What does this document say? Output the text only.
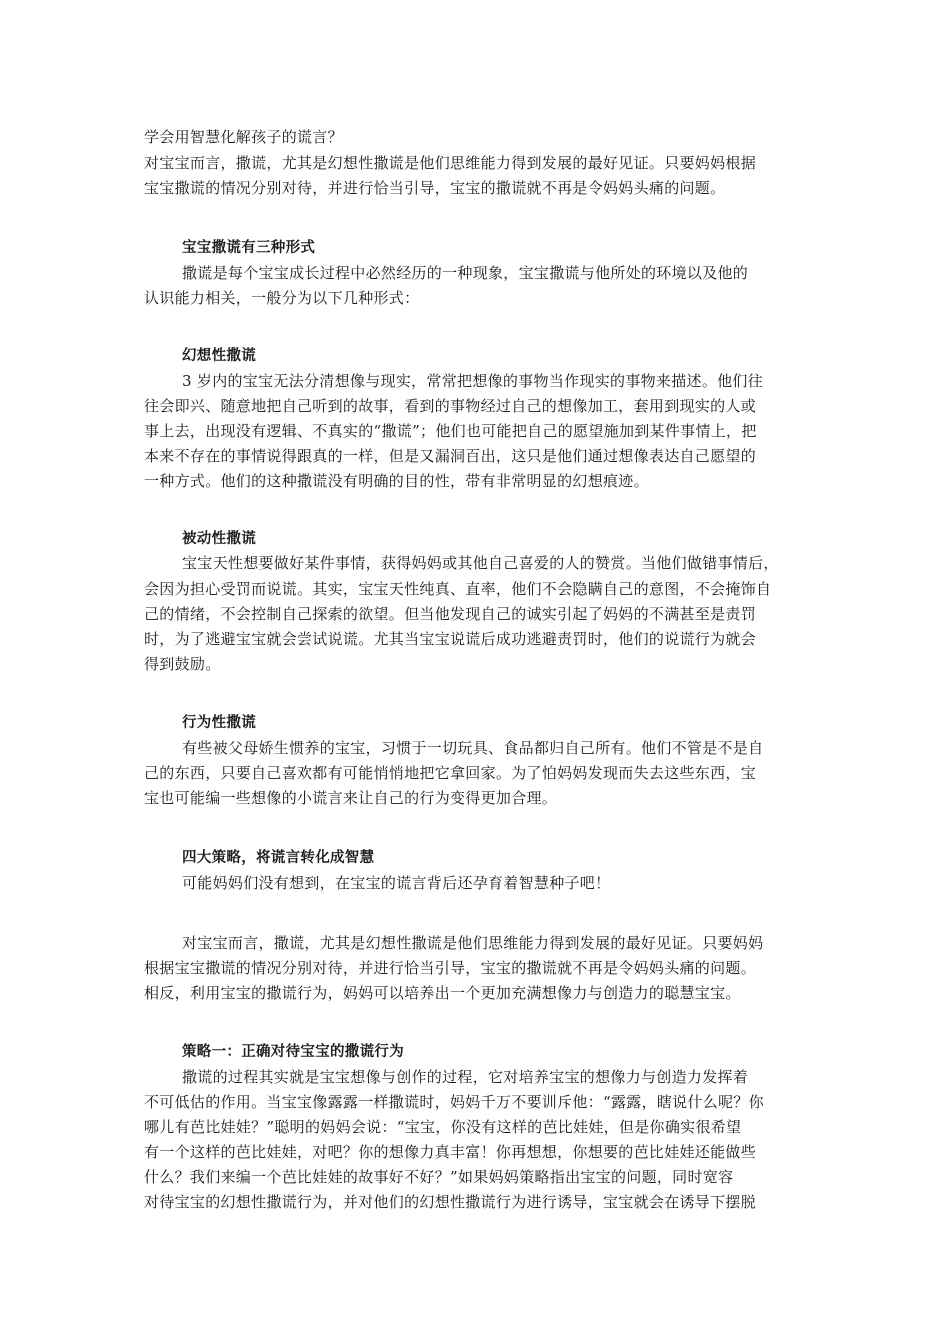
学会用智慧化解孩子的谎言？
对宝宝而言，撒谎，尤其是幻想性撒谎是他们思维能力得到发展的最好见证。只要妈妈根据
宝宝撒谎的情况分别对待，并进行恰当引导，宝宝的撒谎就不再是令妈妈头痛的问题。
宝宝撒谎有三种形式
撒谎是每个宝宝成长过程中必然经历的一种现象，宝宝撒谎与他所处的环境以及他的
认识能力相关，一般分为以下几种形式：
幻想性撒谎
3 岁内的宝宝无法分清想像与现实，常常把想像的事物当作现实的事物来描述。他们往
往会即兴、随意地把自己听到的故事，看到的事物经过自己的想像加工，套用到现实的人或
事上去，出现没有逻辑、不真实的“撒谎”；他们也可能把自己的愿望施加到某件事情上，把
本来不存在的事情说得跟真的一样，但是又漏洞百出，这只是他们通过想像表达自己愿望的
一种方式。他们的这种撒谎没有明确的目的性，带有非常明显的幻想痕迹。
被动性撒谎
宝宝天性想要做好某件事情，获得妈妈或其他自己喜爱的人的赞赏。当他们做错事情后，
会因为担心受罚而说谎。其实，宝宝天性纯真、直率，他们不会隐瞒自己的意图，不会掩饰自
己的情绪，不会控制自己探索的欲望。但当他发现自己的诚实引起了妈妈的不满甚至是责罚
时，为了逃避宝宝就会尝试说谎。尤其当宝宝说谎后成功逃避责罚时，他们的说谎行为就会
得到鼓励。
行为性撒谎
有些被父母娇生惯养的宝宝，习惯于一切玩具、食品都归自己所有。他们不管是不是自
己的东西，只要自己喜欢都有可能悄悄地把它拿回家。为了怕妈妈发现而失去这些东西，宝
宝也可能编一些想像的小谎言来让自己的行为变得更加合理。
四大策略，将谎言转化成智慧
可能妈妈们没有想到，在宝宝的谎言背后还孕育着智慧种子吧！
对宝宝而言，撒谎，尤其是幻想性撒谎是他们思维能力得到发展的最好见证。只要妈妈
根据宝宝撒谎的情况分别对待，并进行恰当引导，宝宝的撒谎就不再是令妈妈头痛的问题。
相反，利用宝宝的撒谎行为，妈妈可以培养出一个更加充满想像力与创造力的聪慧宝宝。
策略一：正确对待宝宝的撒谎行为
撒谎的过程其实就是宝宝想像与创作的过程，它对培养宝宝的想像力与创造力发挥着
不可低估的作用。当宝宝像露露一样撒谎时，妈妈千万不要训斥他：“露露，瞎说什么呢？你
哪儿有芭比娃娃？”聪明的妈妈会说：“宝宝，你没有这样的芭比娃娃，但是你确实很希望
有一个这样的芭比娃娃，对吧？你的想像力真丰富！你再想想，你想要的芭比娃娃还能做些
什么？我们来编一个芭比娃娃的故事好不好？”如果妈妈策略指出宝宝的问题，同时宽容
对待宝宝的幻想性撒谎行为，并对他们的幻想性撒谎行为进行诱导，宝宝就会在诱导下摆脱
